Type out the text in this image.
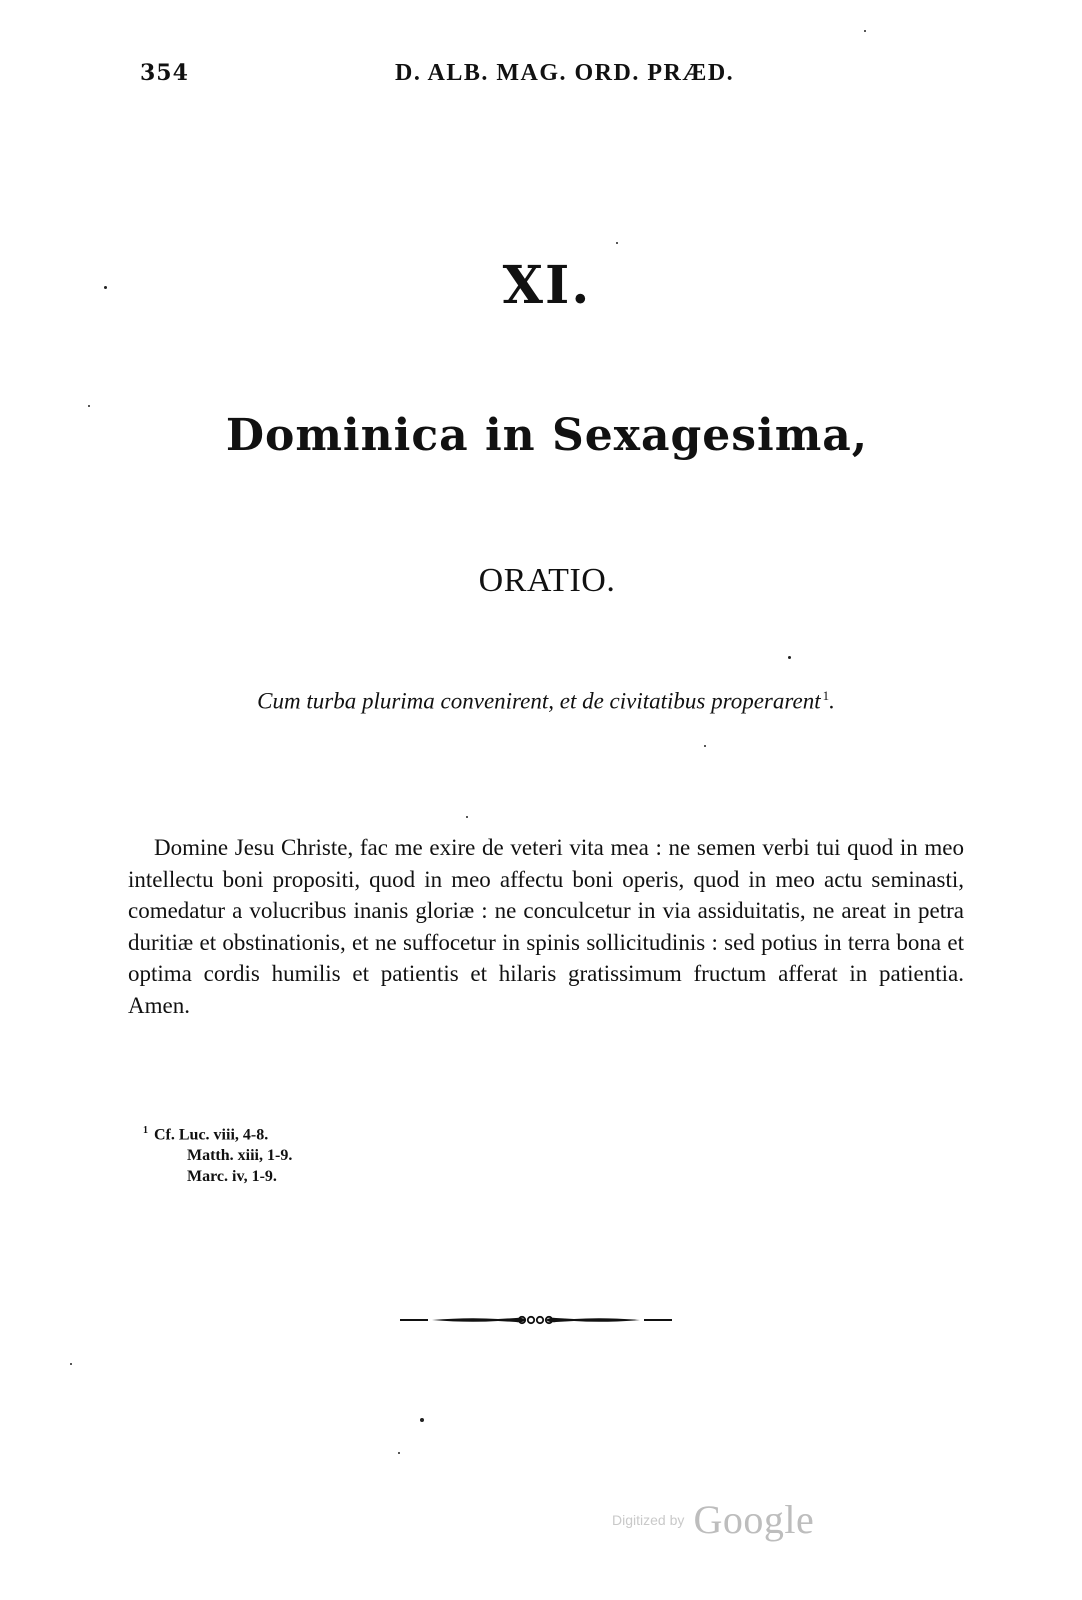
354	D. ALB. MAG. ORD. PRÆD.
XI.
Dominica in Sexagesima,
ORATIO.
Cum turba plurima convenirent, et de civitatibus properarent $^1$.

Domine Jesu Christe, fac me exire de veteri vita mea : ne semen verbi tui quod in meo intellectu boni propositi, quod in meo affectu boni operis, quod in meo actu seminasti, comedatur a volucribus inanis gloriæ : ne conculcetur in via assiduitatis, ne areat in petra duritiæ et obstinationis, et ne suffocetur in spinis sollicitudinis : sed potius in terra bona et optima cordis humilis et patientis et hilaris gratissimum fructum afferat in patientia. Amen.

$^1$ Cf. Luc. viii, 4-8.
Matth. xiii, 1-9.
Marc. iv, 1-9.
Digitized by Google
